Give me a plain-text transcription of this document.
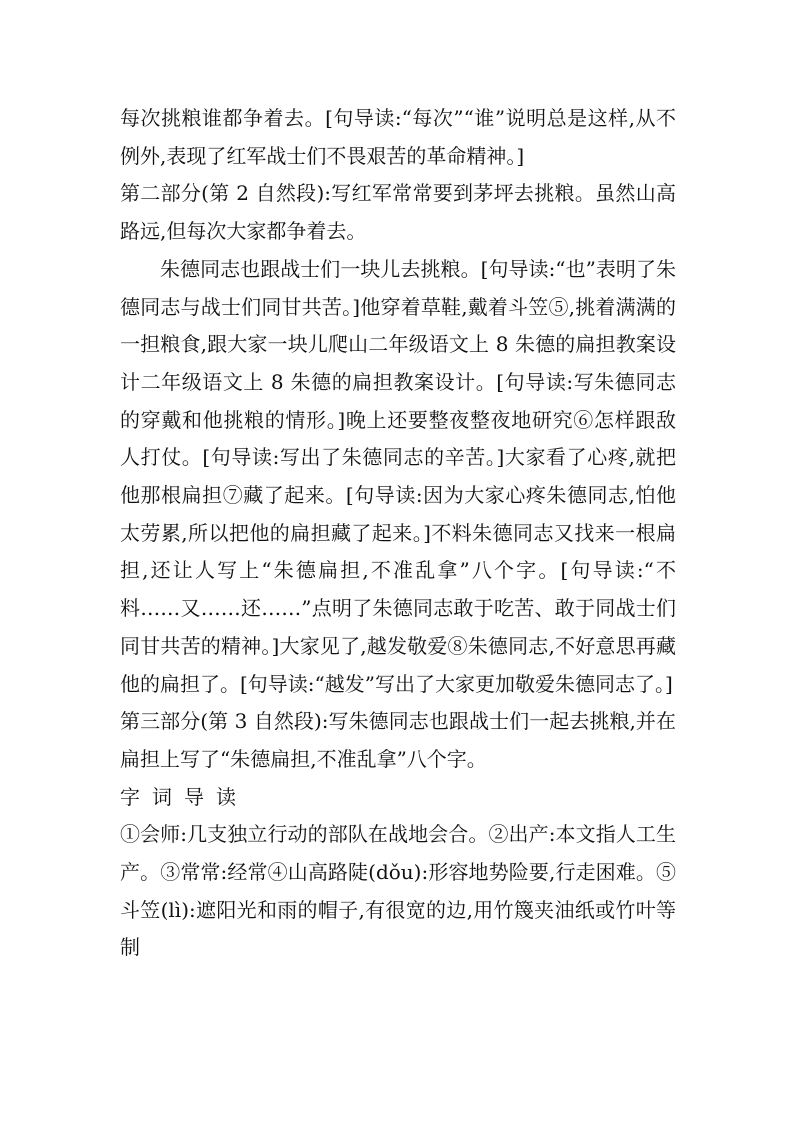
每次挑粮谁都争着去。[句导读:“每次”“谁”说明总是这样,从不例外,表现了红军战士们不畏艰苦的革命精神。]

第二部分(第 2 自然段):写红军常常要到茅坪去挑粮。虽然山高路远,但每次大家都争着去。

朱德同志也跟战士们一块儿去挑粮。[句导读:“也”表明了朱德同志与战士们同甘共苦。]他穿着草鞋,戴着斗笠⑤,挑着满满的一担粮食,跟大家一块儿爬山二年级语文上 8 朱德的扁担教案设计二年级语文上 8 朱德的扁担教案设计。[句导读:写朱德同志的穿戴和他挑粮的情形。]晚上还要整夜整夜地研究⑥怎样跟敌人打仗。[句导读:写出了朱德同志的辛苦。]大家看了心疼,就把他那根扁担⑦藏了起来。[句导读:因为大家心疼朱德同志,怕他太劳累,所以把他的扁担藏了起来。]不料朱德同志又找来一根扁担,还让人写上“朱德扁担,不准乱拿”八个字。[句导读:“不料……又……还……”点明了朱德同志敢于吃苦、敢于同战士们同甘共苦的精神。]大家见了,越发敬爱⑧朱德同志,不好意思再藏他的扁担了。[句导读:“越发”写出了大家更加敬爱朱德同志了。]

第三部分(第 3 自然段):写朱德同志也跟战士们一起去挑粮,并在扁担上写了“朱德扁担,不准乱拿”八个字。

字词导读

①会师:几支独立行动的部队在战地会合。②出产:本文指人工生产。③常常:经常④山高路陡(dǒu):形容地势险要,行走困难。⑤斗笠(lì):遮阳光和雨的帽子,有很宽的边,用竹篾夹油纸或竹叶等制
